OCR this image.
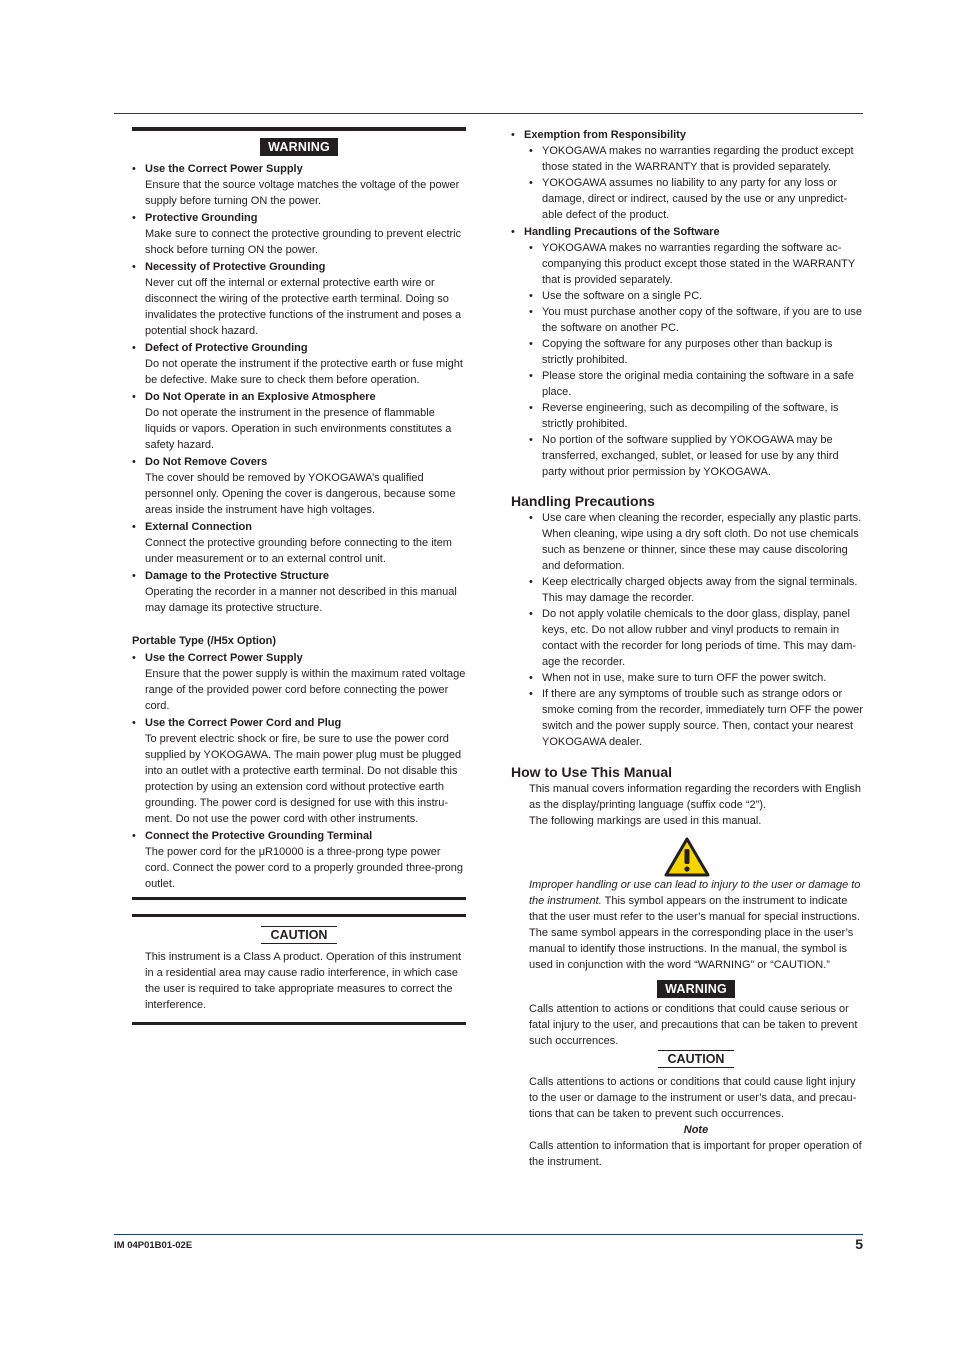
WARNING
• Use the Correct Power Supply
Ensure that the source voltage matches the voltage of the power supply before turning ON the power.
• Protective Grounding
Make sure to connect the protective grounding to prevent electric shock before turning ON the power.
• Necessity of Protective Grounding
Never cut off the internal or external protective earth wire or disconnect the wiring of the protective earth terminal. Doing so invalidates the protective functions of the instrument and poses a potential shock hazard.
• Defect of Protective Grounding
Do not operate the instrument if the protective earth or fuse might be defective. Make sure to check them before operation.
• Do Not Operate in an Explosive Atmosphere
Do not operate the instrument in the presence of flammable liquids or vapors. Operation in such environments constitutes a safety hazard.
• Do Not Remove Covers
The cover should be removed by YOKOGAWA’s qualified personnel only. Opening the cover is dangerous, because some areas inside the instrument have high voltages.
• External Connection
Connect the protective grounding before connecting to the item under measurement or to an external control unit.
• Damage to the Protective Structure
Operating the recorder in a manner not described in this manual may damage its protective structure.
Portable Type (/H5x Option)
• Use the Correct Power Supply
Ensure that the power supply is within the maximum rated voltage range of the provided power cord before connecting the power cord.
• Use the Correct Power Cord and Plug
To prevent electric shock or fire, be sure to use the power cord supplied by YOKOGAWA. The main power plug must be plugged into an outlet with a protective earth terminal. Do not disable this protection by using an extension cord without protective earth grounding. The power cord is designed for use with this instrument. Do not use the power cord with other instruments.
• Connect the Protective Grounding Terminal
The power cord for the μR10000 is a three-prong type power cord. Connect the power cord to a properly grounded three-prong outlet.
CAUTION
This instrument is a Class A product. Operation of this instrument in a residential area may cause radio interference, in which case the user is required to take appropriate measures to correct the interference.
• Exemption from Responsibility
• YOKOGAWA makes no warranties regarding the product except those stated in the WARRANTY that is provided separately.
• YOKOGAWA assumes no liability to any party for any loss or damage, direct or indirect, caused by the use or any unpredictable defect of the product.
• Handling Precautions of the Software
• YOKOGAWA makes no warranties regarding the software accompanying this product except those stated in the WARRANTY that is provided separately.
• Use the software on a single PC.
• You must purchase another copy of the software, if you are to use the software on another PC.
• Copying the software for any purposes other than backup is strictly prohibited.
• Please store the original media containing the software in a safe place.
• Reverse engineering, such as decompiling of the software, is strictly prohibited.
• No portion of the software supplied by YOKOGAWA may be transferred, exchanged, sublet, or leased for use by any third party without prior permission by YOKOGAWA.
Handling Precautions
• Use care when cleaning the recorder, especially any plastic parts. When cleaning, wipe using a dry soft cloth. Do not use chemicals such as benzene or thinner, since these may cause discoloring and deformation.
• Keep electrically charged objects away from the signal terminals. This may damage the recorder.
• Do not apply volatile chemicals to the door glass, display, panel keys, etc. Do not allow rubber and vinyl products to remain in contact with the recorder for long periods of time. This may damage the recorder.
• When not in use, make sure to turn OFF the power switch.
• If there are any symptoms of trouble such as strange odors or smoke coming from the recorder, immediately turn OFF the power switch and the power supply source. Then, contact your nearest YOKOGAWA dealer.
How to Use This Manual
This manual covers information regarding the recorders with English as the display/printing language (suffix code “2”).
The following markings are used in this manual.
Improper handling or use can lead to injury to the user or damage to the instrument. This symbol appears on the instrument to indicate that the user must refer to the user’s manual for special instructions. The same symbol appears in the corresponding place in the user’s manual to identify those instructions. In the manual, the symbol is used in conjunction with the word “WARNING” or “CAUTION.”
WARNING
Calls attention to actions or conditions that could cause serious or fatal injury to the user, and precautions that can be taken to prevent such occurrences.
CAUTION
Calls attentions to actions or conditions that could cause light injury to the user or damage to the instrument or user’s data, and precautions that can be taken to prevent such occurrences.
Note
Calls attention to information that is important for proper operation of the instrument.
IM 04P01B01-02E	5
